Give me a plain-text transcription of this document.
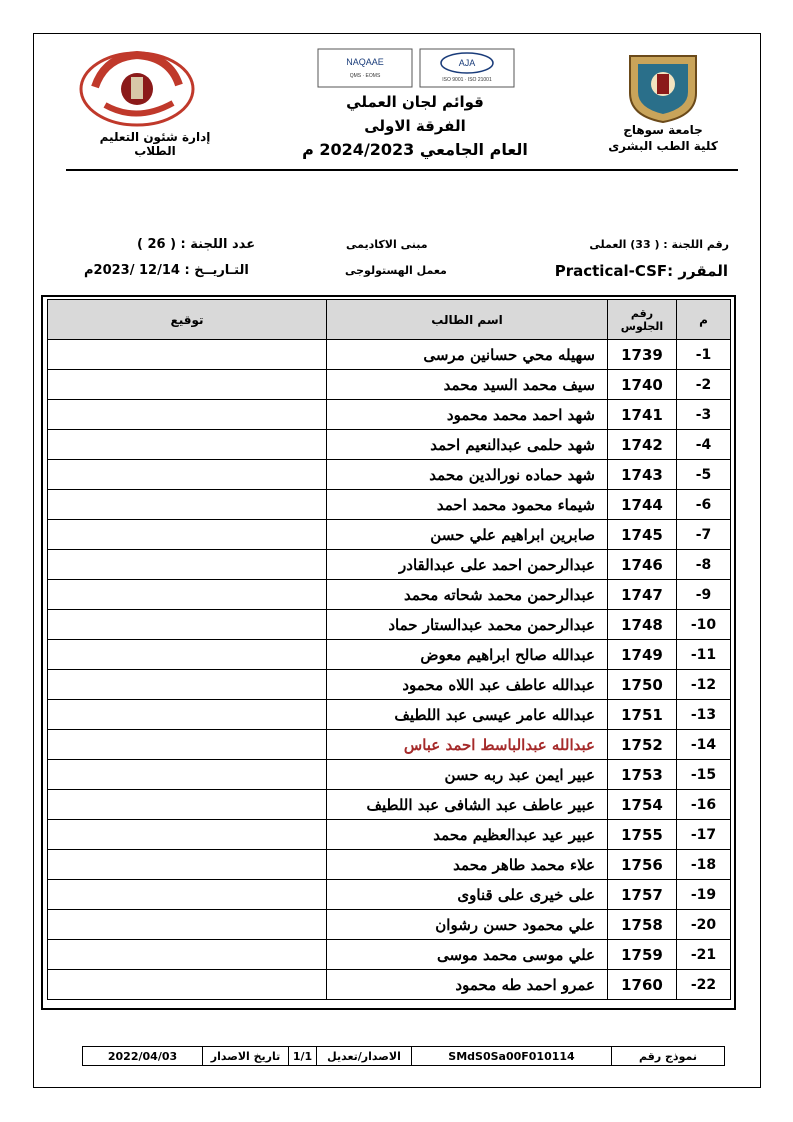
إدارة شئون التعليم الطلاب
NAQAAE
QMS · EOMS
AJA
ISO 9001 · ISO 21001
قوائم لجان العملي
الفرقة الاولى
العام الجامعي 2024/2023 م
جامعة سوهاج
كلية الطب البشرى
رقم اللجنة : ( 33) العملى
المقرر :Practical-CSF
مبنى الاكاديمى
معمل الهستولوجى
عدد اللجنة : ( 26 )
التـاريــخ : 12/14 /2023م
م	رقم الجلوس	اسم الطالب	توقيع
-1	1739	سهيله محي حسانين مرسى	
-2	1740	سيف محمد السيد محمد	
-3	1741	شهد احمد محمد محمود	
-4	1742	شهد حلمى عبدالنعيم احمد	
-5	1743	شهد حماده نورالدين محمد	
-6	1744	شيماء محمود محمد احمد	
-7	1745	صابرين ابراهيم علي حسن	
-8	1746	عبدالرحمن احمد على عبدالقادر	
-9	1747	عبدالرحمن محمد شحاته محمد	
-10	1748	عبدالرحمن محمد عبدالستار حماد	
-11	1749	عبدالله صالح ابراهيم معوض	
-12	1750	عبدالله عاطف عبد اللاه محمود	
-13	1751	عبدالله عامر عيسى عبد اللطيف	
-14	1752	عبدالله عبدالباسط احمد عباس	
-15	1753	عبير ايمن عبد ربه حسن	
-16	1754	عبير عاطف عبد الشافى عبد اللطيف	
-17	1755	عبير عيد عبدالعظيم محمد	
-18	1756	علاء محمد طاهر محمد	
-19	1757	على خيرى على قناوى	
-20	1758	علي محمود حسن رشوان	
-21	1759	علي موسى محمد موسى	
-22	1760	عمرو احمد طه محمود	
نموذج رقم
SMdS0Sa00F010114
الاصدار/تعديل
1/1
تاريخ الاصدار
2022/04/03
